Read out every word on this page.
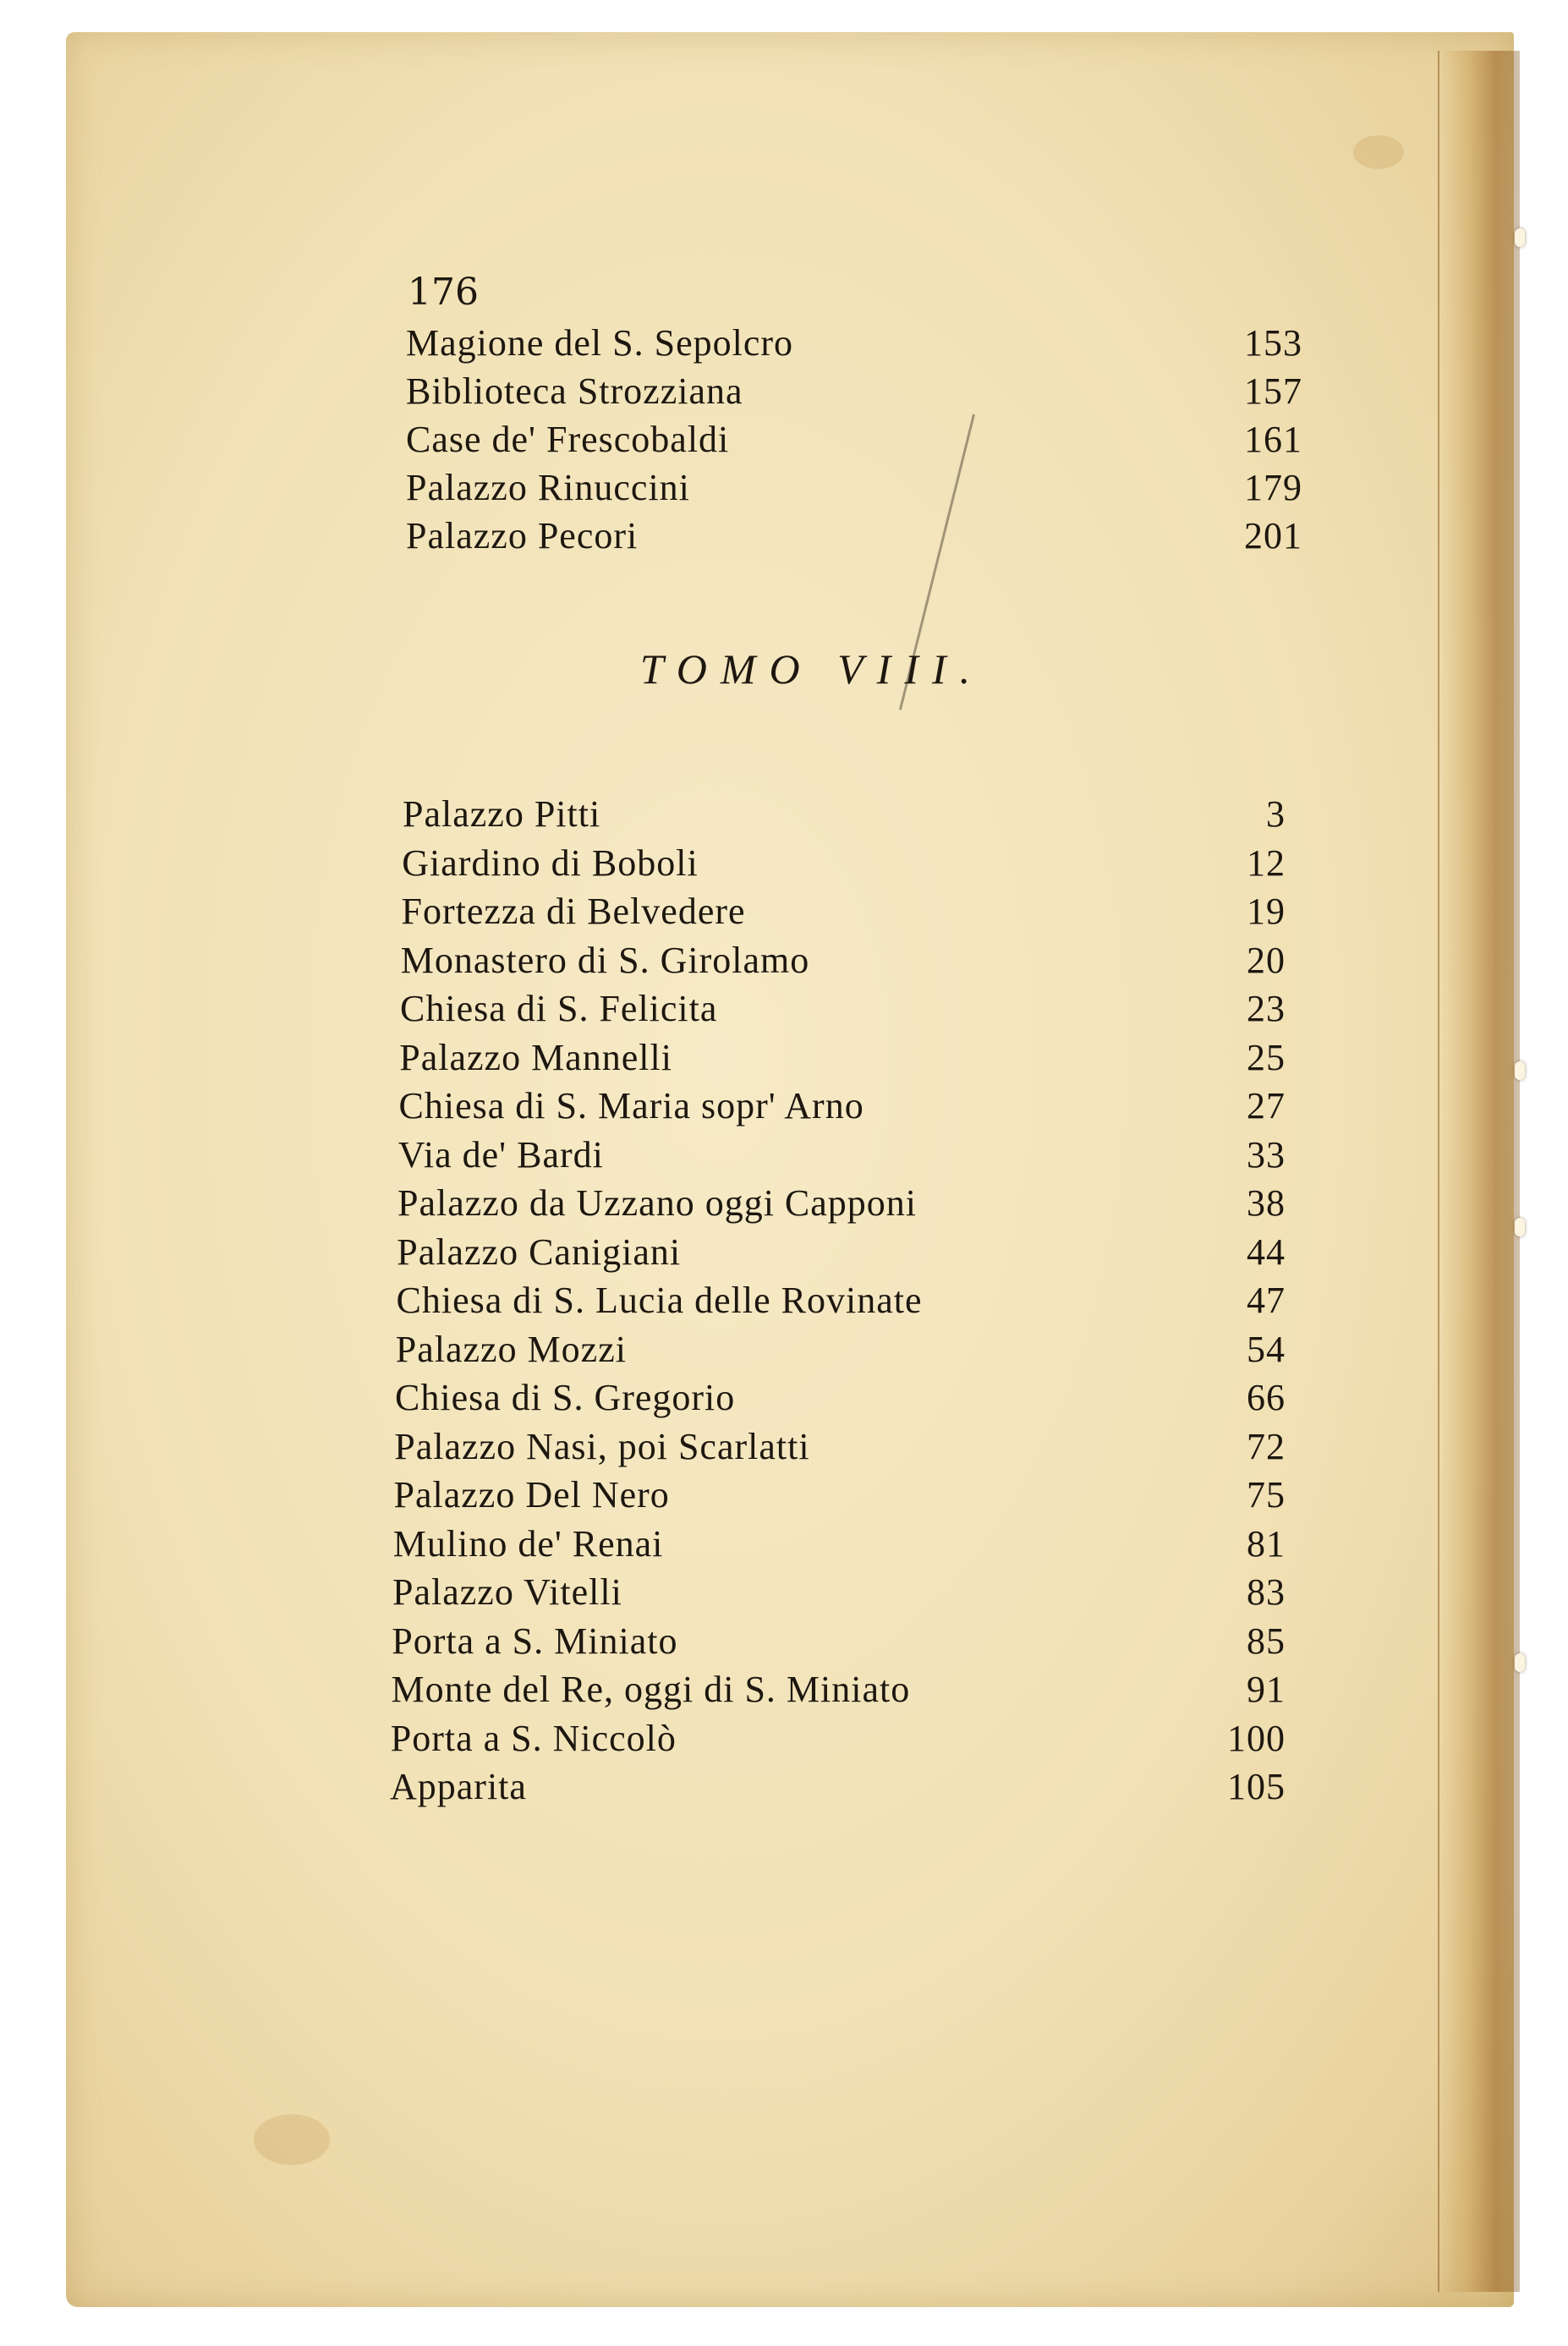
176
Magione del S. Sepolcro	153
Biblioteca Strozziana	157
Case de' Frescobaldi	161
Palazzo Rinuccini	179
Palazzo Pecori	201
TOMO VIII.
Palazzo Pitti	3
Giardino di Boboli	12
Fortezza di Belvedere	19
Monastero di S. Girolamo	20
Chiesa di S. Felicita	23
Palazzo Mannelli	25
Chiesa di S. Maria sopr' Arno	27
Via de' Bardi	33
Palazzo da Uzzano oggi Capponi	38
Palazzo Canigiani	44
Chiesa di S. Lucia delle Rovinate	47
Palazzo Mozzi	54
Chiesa di S. Gregorio	66
Palazzo Nasi, poi Scarlatti	72
Palazzo Del Nero	75
Mulino de' Renai	81
Palazzo Vitelli	83
Porta a S. Miniato	85
Monte del Re, oggi di S. Miniato	91
Porta a S. Niccolò	100
Apparita	105
